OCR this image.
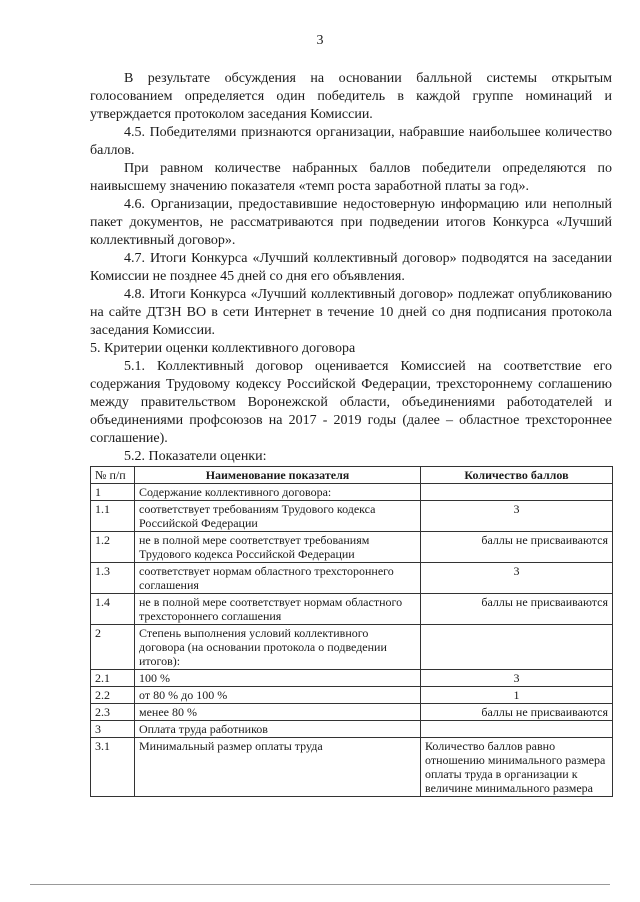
3

В результате обсуждения на основании балльной системы открытым голосованием определяется один победитель в каждой группе номинаций и утверждается протоколом заседания Комиссии.

4.5. Победителями признаются организации, набравшие наибольшее количество баллов.

При равном количестве набранных баллов победители определяются по наивысшему значению показателя «темп роста заработной платы за год».

4.6. Организации, предоставившие недостоверную информацию или неполный пакет документов, не рассматриваются при подведении итогов Конкурса «Лучший коллективный договор».

4.7. Итоги Конкурса «Лучший коллективный договор» подводятся на заседании Комиссии не позднее 45 дней со дня его объявления.

4.8. Итоги Конкурса «Лучший коллективный договор» подлежат опубликованию на сайте ДТЗН ВО в сети Интернет в течение 10 дней со дня подписания протокола заседания Комиссии.

5. Критерии оценки коллективного договора

5.1. Коллективный договор оценивается Комиссией на соответствие его содержания Трудовому кодексу Российской Федерации, трехстороннему соглашению между правительством Воронежской области, объединениями работодателей и объединениями профсоюзов на 2017 - 2019 годы (далее – областное трехстороннее соглашение).

5.2. Показатели оценки:

№ п/п	Наименование показателя	Количество баллов
1	Содержание коллективного договора:	
1.1	соответствует требованиям Трудового кодекса Российской Федерации	3
1.2	не в полной мере соответствует требованиям Трудового кодекса Российской Федерации	баллы не присваиваются
1.3	соответствует нормам областного трехстороннего соглашения	3
1.4	не в полной мере соответствует нормам областного трехстороннего соглашения	баллы не присваиваются
2	Степень выполнения условий коллективного договора (на основании протокола о подведении итогов):	
2.1	100 %	3
2.2	от 80 % до 100 %	1
2.3	менее 80 %	баллы не присваиваются
3	Оплата труда работников	
3.1	Минимальный размер оплаты труда	Количество баллов равно отношению минимального размера оплаты труда в организации к величине минимального размера
